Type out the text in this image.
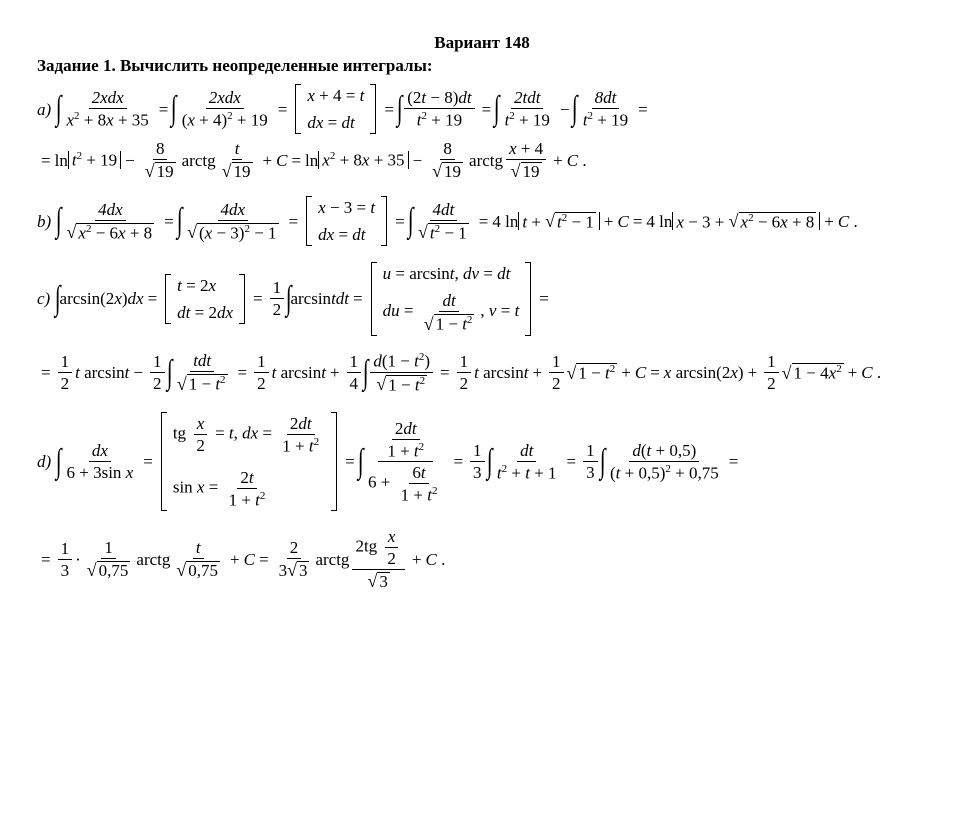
Вариант 148
Задание 1. Вычислить неопределенные интегралы:
a) ∫ 2xdx
$x^2 + 8x + 35$
= ∫ 2xdx
$(x + 4)^2 + 19$
=
x + 4 = t
dx = dt
= ∫ $\frac{(2t - 8)dt}{t^2 + 19}$ = ∫ 2tdt
$t^2 + 19$
− ∫ $\frac{8dt}{t^2 + 19}$ =
= $\ln t^2 + 19 - \frac{8}{√ 19}$ arctg
t
√ 19
+ $C = \ln x^2 + 8x + 35 - \frac{8}{√ 19}$ arctg
x + 4
√ 19
+ C .
b) ∫ $\frac{4dx}{√ x^2 - 6x + 8}$ = ∫ $\frac{4dx}{√ (x - 3)^2 - 1}$ =
x − 3 = t
dx = dt
= ∫ $\frac{4dt}{√ t^2 - 1} = 4$ ln t + √ $t^2 - 1 + C = 4$ ln x − 3 + √ $x^2 - 6x + 8 + C$ .
c) ∫
arcsin(2 x ) dx =
t = 2x
dt = 2dx
= $\frac{1}{2}$ ∫
arcsin tdt =
u = arcsint, dv = dt
du = $\frac{dt}{√ 1 - t^2}$ , v = t
=
= $\frac{1}{2}$ t $\arcsin t - \frac{1}{2}$ ∫ tdt
√ $1 - t^2 = \frac{1}{2}$ t $\arcsin t + \frac{1}{4}$ ∫ $\frac{d(1 - t^2)}{√ 1 - t^2} = \frac{1}{2}$ t $\arcsin t + \frac{1}{2}$ √ $1 - t^2 + C = x$ arcsin(2 x ) + $\frac{1}{2}$ √ $1 - 4x^2 + C$ .
d) ∫ $\frac{dx}{\text{6 + 3sin x}}$ =
tg $\frac{x}{2} = t$, dx = $\frac{2dt}{1 + t^2}$
$\sin x = \frac{2t}{1 + t^2}$
= ∫ $\frac{\frac{2dt}{1 + t^2}}{6 + \frac{6t}{1 + t^2}} = \frac{1}{3}$ ∫ $\frac{dt}{t^2 + t + 1} = \frac{1}{3}$ ∫ $\frac{d(t + 0,5)}{(t + 0,5)^2 + 0,75}$ =
= $\frac{1}{3}$ ·
1
√ 0,75
arctg
t
√ 0,75
+ $C = \frac{2}{3 √ 3}$ arctg
$2tg \frac{x}{2}$
√ 3
+ C .
